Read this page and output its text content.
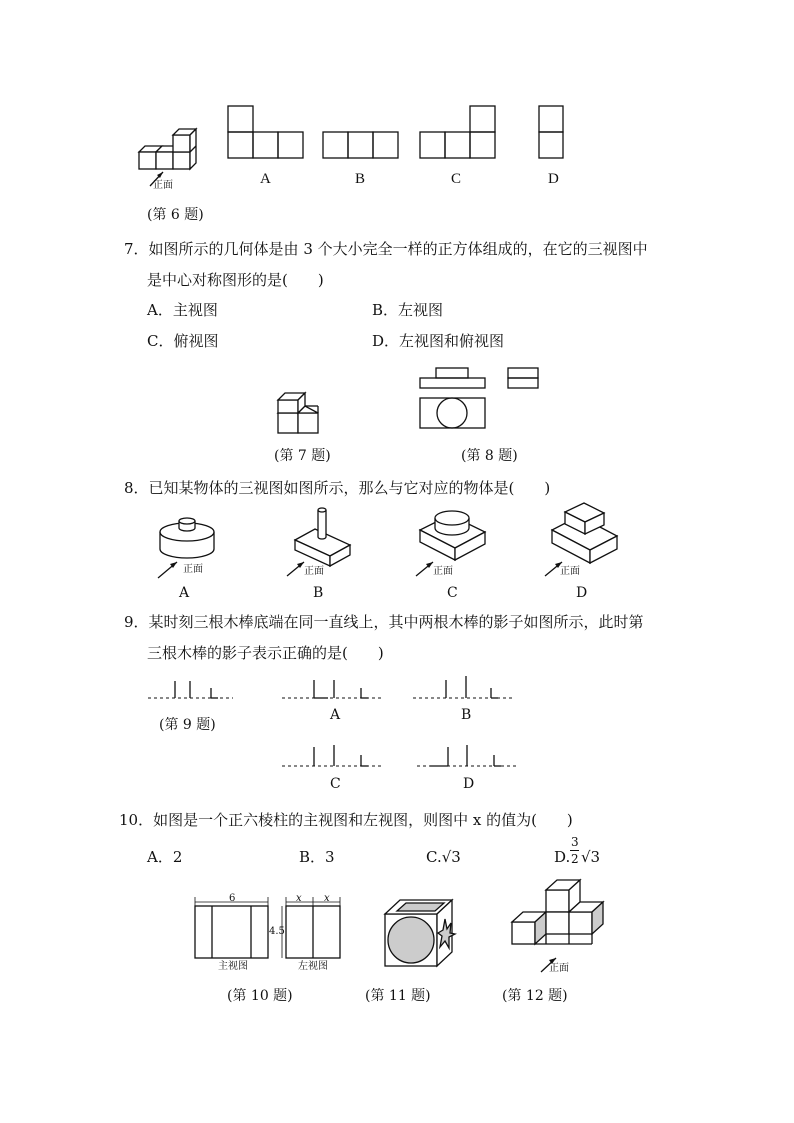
正面	A	B	C	D
(第 6 题)
7．如图所示的几何体是由 3 个大小完全一样的正方体组成的，在它的三视图中
是中心对称图形的是(　　)
A．主视图	B．左视图
C．俯视图	D．左视图和俯视图
(第 7 题)	(第 8 题)
8．已知某物体的三视图如图所示，那么与它对应的物体是(　　)
正面	正面	正面	正面
A	B	C	D
9．某时刻三根木棒底端在同一直线上，其中两根木棒的影子如图所示，此时第
三根木棒的影子表示正确的是(　　)
(第 9 题)
A	B
C	D
10．如图是一个正六棱柱的主视图和左视图，则图中 x 的值为(　　)
A．2	B．3	C.√3	D.
3
2 √3
6	x x
4.5
主视图	左视图	正面
(第 10 题)	(第 11 题)	(第 12 题)
